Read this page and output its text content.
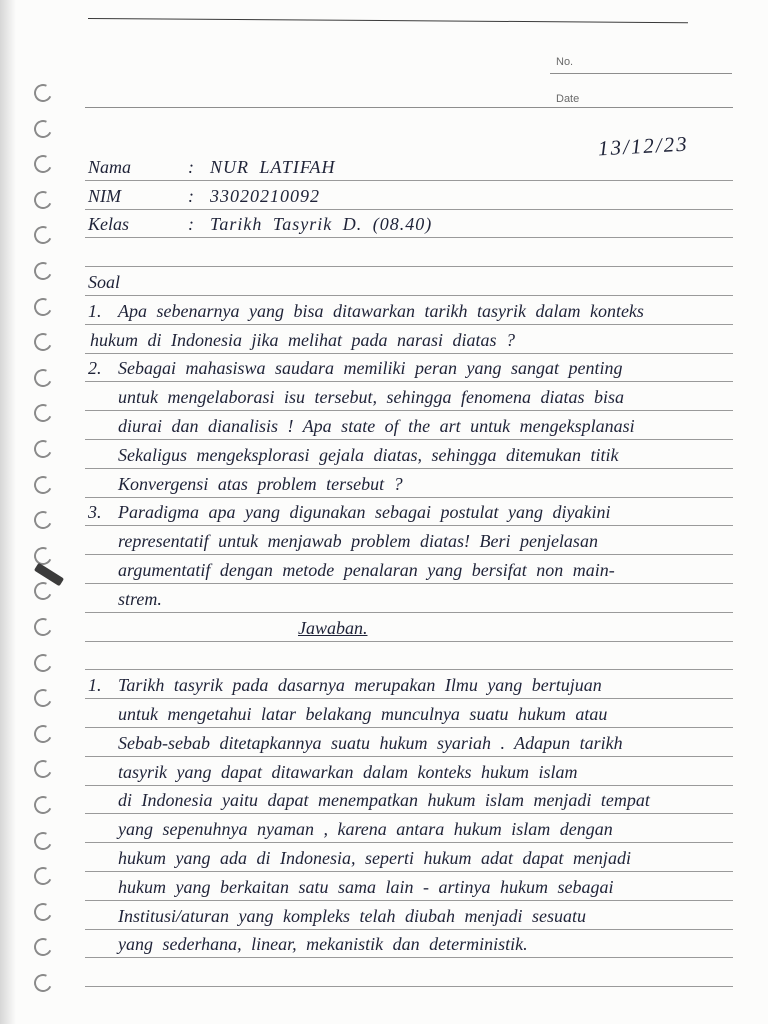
No.
Date
13/12/23
Nama	: NUR LATIFAH
NIM	: 33020210092
Kelas	: Tarikh Tasyrik D. (08.40)
Soal
1. Apa sebenarnya yang bisa ditawarkan tarikh tasyrik dalam konteks
hukum di Indonesia jika melihat pada narasi diatas ?
2. Sebagai mahasiswa saudara memiliki peran yang sangat penting
untuk mengelaborasi isu tersebut, sehingga fenomena diatas bisa
diurai dan dianalisis ! Apa state of the art untuk mengeksplanasi
Sekaligus mengeksplorasi gejala diatas, sehingga ditemukan titik
Konvergensi atas problem tersebut ?
3. Paradigma apa yang digunakan sebagai postulat yang diyakini
representatif untuk menjawab problem diatas! Beri penjelasan
argumentatif dengan metode penalaran yang bersifat non main-
strem.
Jawaban.
1. Tarikh tasyrik pada dasarnya merupakan Ilmu yang bertujuan
untuk mengetahui latar belakang munculnya suatu hukum atau
Sebab-sebab ditetapkannya suatu hukum syariah . Adapun tarikh
tasyrik yang dapat ditawarkan dalam konteks hukum islam
di Indonesia yaitu dapat menempatkan hukum islam menjadi tempat
yang sepenuhnya nyaman , karena antara hukum islam dengan
hukum yang ada di Indonesia, seperti hukum adat dapat menjadi
hukum yang berkaitan satu sama lain - artinya hukum sebagai
Institusi/aturan yang kompleks telah diubah menjadi sesuatu
yang sederhana, linear, mekanistik dan deterministik.
